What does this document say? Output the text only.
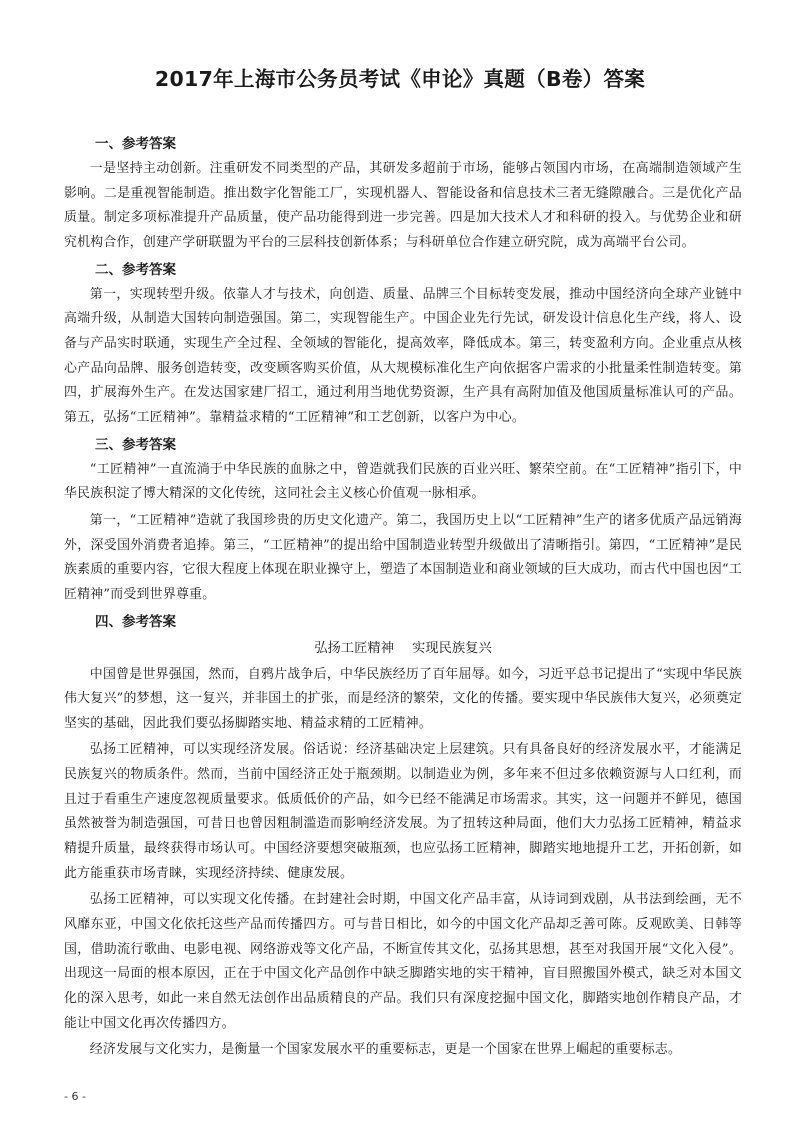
2017年上海市公务员考试《申论》真题（B卷）答案
一、参考答案

一是坚持主动创新。注重研发不同类型的产品，其研发多超前于市场，能够占领国内市场，在高端制造领域产生影响。二是重视智能制造。推出数字化智能工厂，实现机器人、智能设备和信息技术三者无缝隙融合。三是优化产品质量。制定多项标准提升产品质量，使产品功能得到进一步完善。四是加大技术人才和科研的投入。与优势企业和研究机构合作，创建产学研联盟为平台的三层科技创新体系；与科研单位合作建立研究院，成为高端平台公司。

二、参考答案

第一，实现转型升级。依靠人才与技术，向创造、质量、品牌三个目标转变发展，推动中国经济向全球产业链中高端升级，从制造大国转向制造强国。第二，实现智能生产。中国企业先行先试，研发设计信息化生产线，将人、设备与产品实时联通，实现生产全过程、全领域的智能化，提高效率，降低成本。第三，转变盈利方向。企业重点从核心产品向品牌、服务创造转变，改变顾客购买价值，从大规模标准化生产向依据客户需求的小批量柔性制造转变。第四，扩展海外生产。在发达国家建厂招工，通过利用当地优势资源，生产具有高附加值及他国质量标准认可的产品。第五，弘扬“工匠精神”。靠精益求精的“工匠精神”和工艺创新，以客户为中心。

三、参考答案

“工匠精神”一直流淌于中华民族的血脉之中，曾造就我们民族的百业兴旺、繁荣空前。在“工匠精神”指引下，中华民族积淀了博大精深的文化传统，这同社会主义核心价值观一脉相承。

第一，“工匠精神”造就了我国珍贵的历史文化遗产。第二，我国历史上以“工匠精神”生产的诸多优质产品远销海外，深受国外消费者追捧。第三，“工匠精神”的提出给中国制造业转型升级做出了清晰指引。第四，“工匠精神”是民族素质的重要内容，它很大程度上体现在职业操守上，塑造了本国制造业和商业领域的巨大成功，而古代中国也因“工匠精神”而受到世界尊重。

四、参考答案
弘扬工匠精神 实现民族复兴

中国曾是世界强国，然而，自鸦片战争后，中华民族经历了百年屈辱。如今，习近平总书记提出了“实现中华民族伟大复兴”的梦想，这一复兴，并非国土的扩张，而是经济的繁荣，文化的传播。要实现中华民族伟大复兴，必须奠定坚实的基础，因此我们要弘扬脚踏实地、精益求精的工匠精神。

弘扬工匠精神，可以实现经济发展。俗话说：经济基础决定上层建筑。只有具备良好的经济发展水平，才能满足民族复兴的物质条件。然而，当前中国经济正处于瓶颈期。以制造业为例，多年来不但过多依赖资源与人口红利，而且过于看重生产速度忽视质量要求。低质低价的产品，如今已经不能满足市场需求。其实，这一问题并不鲜见，德国虽然被誉为制造强国，可昔日也曾因粗制滥造而影响经济发展。为了扭转这种局面，他们大力弘扬工匠精神，精益求精提升质量，最终获得市场认可。中国经济要想突破瓶颈，也应弘扬工匠精神，脚踏实地地提升工艺，开拓创新，如此方能重获市场青睐，实现经济持续、健康发展。

弘扬工匠精神，可以实现文化传播。在封建社会时期，中国文化产品丰富，从诗词到戏剧，从书法到绘画，无不风靡东亚，中国文化依托这些产品而传播四方。可与昔日相比，如今的中国文化产品却乏善可陈。反观欧美、日韩等国，借助流行歌曲、电影电视、网络游戏等文化产品，不断宣传其文化，弘扬其思想，甚至对我国开展“文化入侵”。出现这一局面的根本原因，正在于中国文化产品创作中缺乏脚踏实地的实干精神，盲目照搬国外模式，缺乏对本国文化的深入思考，如此一来自然无法创作出品质精良的产品。我们只有深度挖掘中国文化，脚踏实地创作精良产品，才能让中国文化再次传播四方。

经济发展与文化实力，是衡量一个国家发展水平的重要标志，更是一个国家在世界上崛起的重要标志。

- 6 -
